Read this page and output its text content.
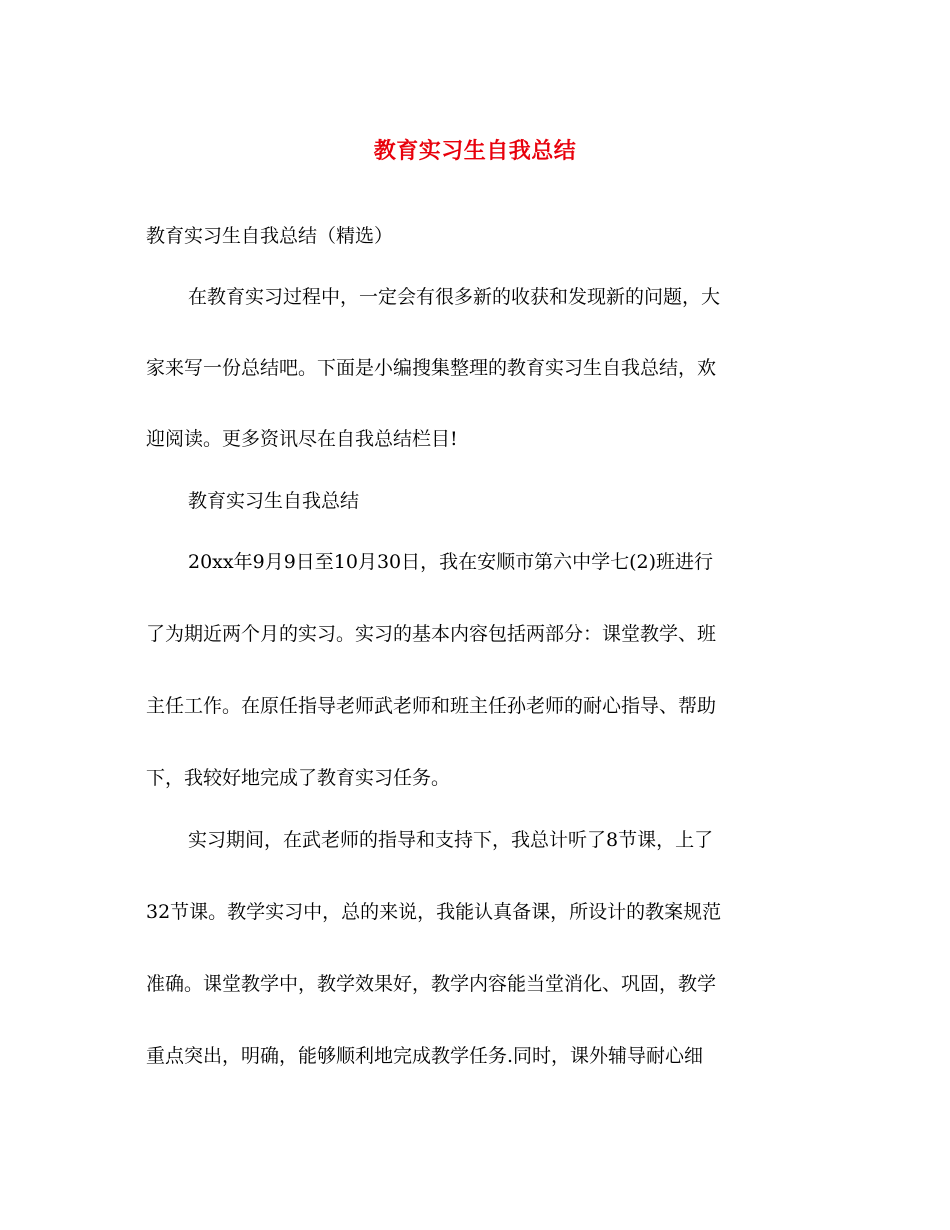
教育实习生自我总结

教育实习生自我总结（精选）

在教育实习过程中，一定会有很多新的收获和发现新的问题，大

家来写一份总结吧。下面是小编搜集整理的教育实习生自我总结，欢

迎阅读。更多资讯尽在自我总结栏目!

教育实习生自我总结

20xx年9月9日至10月30日，我在安顺市第六中学七(2)班进行

了为期近两个月的实习。实习的基本内容包括两部分：课堂教学、班

主任工作。在原任指导老师武老师和班主任孙老师的耐心指导、帮助

下，我较好地完成了教育实习任务。

实习期间，在武老师的指导和支持下，我总计听了8节课，上了

32节课。教学实习中，总的来说，我能认真备课，所设计的教案规范

准确。课堂教学中，教学效果好，教学内容能当堂消化、巩固，教学

重点突出，明确，能够顺利地完成教学任务.同时，课外辅导耐心细
